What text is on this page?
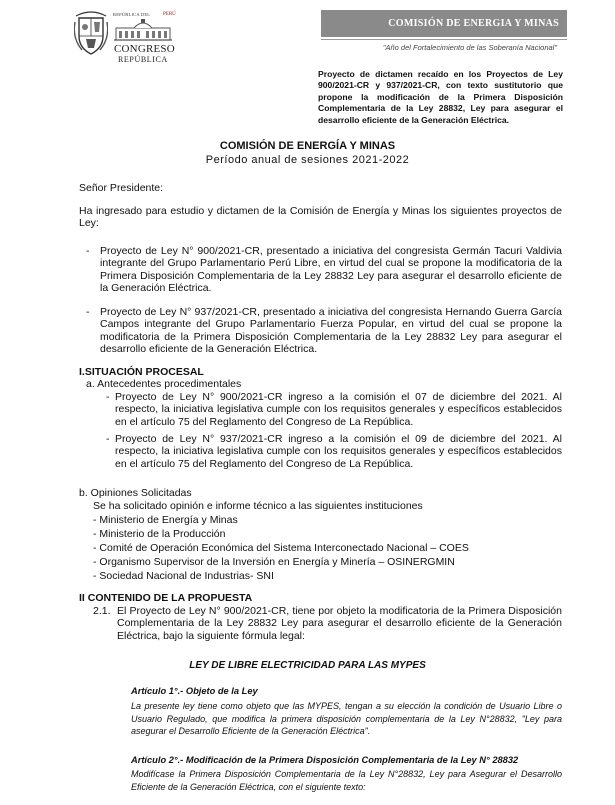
REPÚBLICA DEL	PERÚ
CONGRESO
REPÚBLICA
COMISIÓN DE ENERGIA Y MINAS
"Año del Fortalecimiento de las Soberanía Nacional"
Proyecto de dictamen recaído en los Proyectos de Ley 900/2021-CR y 937/2021-CR, con texto sustitutorio que propone la modificación de la Primera Disposición Complementaria de la Ley 28832, Ley para asegurar el desarrollo eficiente de la Generación Eléctrica.
COMISIÓN DE ENERGÍA Y MINAS
Período anual de sesiones 2021-2022
Señor Presidente:
Ha ingresado para estudio y dictamen de la Comisión de Energía y Minas los siguientes proyectos de Ley:
- Proyecto de Ley N° 900/2021-CR, presentado a iniciativa del congresista Germán Tacuri Valdivia integrante del Grupo Parlamentario Perú Libre, en virtud del cual se propone la modificatoria de la Primera Disposición Complementaria de la Ley 28832 Ley para asegurar el desarrollo eficiente de la Generación Eléctrica.
- Proyecto de Ley N° 937/2021-CR, presentado a iniciativa del congresista Hernando Guerra García Campos integrante del Grupo Parlamentario Fuerza Popular, en virtud del cual se propone la modificatoria de la Primera Disposición Complementaria de la Ley 28832 Ley para asegurar el desarrollo eficiente de la Generación Eléctrica.
I.SITUACIÓN PROCESAL
a. Antecedentes procedimentales
- Proyecto de Ley N° 900/2021-CR ingreso a la comisión el 07 de diciembre del 2021. Al respecto, la iniciativa legislativa cumple con los requisitos generales y específicos establecidos en el artículo 75 del Reglamento del Congreso de La República.
- Proyecto de Ley N° 937/2021-CR ingreso a la comisión el 09 de diciembre del 2021. Al respecto, la iniciativa legislativa cumple con los requisitos generales y específicos establecidos en el artículo 75 del Reglamento del Congreso de La República.
b. Opiniones Solicitadas
Se ha solicitado opinión e informe técnico a las siguientes instituciones
- Ministerio de Energía y Minas
- Ministerio de la Producción
- Comité de Operación Económica del Sistema Interconectado Nacional – COES
- Organismo Supervisor de la Inversión en Energía y Minería – OSINERGMIN
- Sociedad Nacional de Industrias- SNI
II CONTENIDO DE LA PROPUESTA
2.1. El Proyecto de Ley N° 900/2021-CR, tiene por objeto la modificatoria de la Primera Disposición Complementaria de la Ley 28832 Ley para asegurar el desarrollo eficiente de la Generación Eléctrica, bajo la siguiente fórmula legal:
LEY DE LIBRE ELECTRICIDAD PARA LAS MYPES
Artículo 1°.- Objeto de la Ley
La presente ley tiene como objeto que las MYPES, tengan a su elección la condición de Usuario Libre o Usuario Regulado, que modifica la primera disposición complementaria de la Ley N°28832, "Ley para asegurar el Desarrollo Eficiente de la Generación Eléctrica".
Artículo 2°.- Modificación de la Primera Disposición Complementaria de la Ley N° 28832
Modifícase la Primera Disposición Complementaria de la Ley N°28832, Ley para Asegurar el Desarrollo Eficiente de la Generación Eléctrica, con el siguiente texto:
